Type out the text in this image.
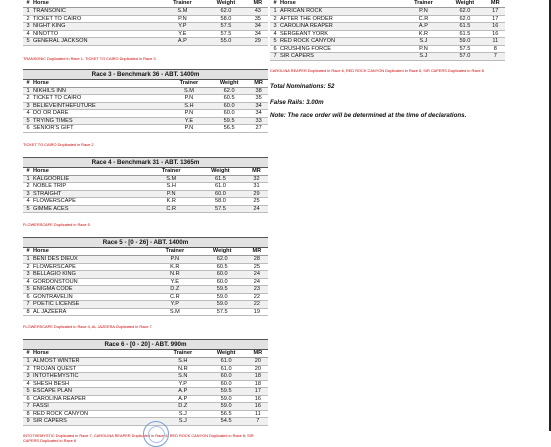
#	Horse	Trainer	Weight	MR
1	TRANSONIC	S.M	62.0	43
2	TICKET TO CAIRO	P.N	58.0	35
3	NIGHT KING	Y.P	57.5	34
4	NINOTTO	Y.E	57.5	34
5	GENERAL JACKSON	A.P	55.0	29
TRANSONIC Duplicated in Race 1, TICKET TO CAIRO Duplicated in Race 3
Race 3 - Benchmark 36 - ABT. 1400m
#	Horse	Trainer	Weight	MR
1	NIKHILS INN	S.M	62.0	38
2	TICKET TO CAIRO	P.N	60.5	35
3	BELIEVEINTHEFUTURE	S.H	60.0	34
4	DO OR DARE	P.N	60.0	34
5	TRYING TIMES	Y.E	59.5	33
6	SENIOR'S GIFT	P.N	56.5	27
TICKET TO CAIRO Duplicated in Race 2
Race 4 - Benchmark 31 - ABT. 1365m
#	Horse	Trainer	Weight	MR
1	KALGOORLIE	S.M	61.5	32
2	NOBLE TRIP	S.H	61.0	31
3	STRAIGHT	P.N	60.0	29
4	FLOWERSCAPE	K.R	58.0	25
5	GIMME ACES	C.R	57.5	24
FLOWERSCAPE Duplicated in Race 5
Race 5 - [0 - 26] - ABT. 1400m
#	Horse	Trainer	Weight	MR
1	BENI DES DIEUX	P.N	62.0	28
2	FLOWERSCAPE	K.R	60.5	25
3	BELLAGIO KING	N.R	60.0	24
4	GORDONSTOUN	Y.E	60.0	24
5	ENIGMA CODE	D.Z	59.5	23
6	GONTRAVELIN	C.R	59.0	22
7	POETIC LICENSE	Y.P	59.0	22
8	AL JAZEERA	S.M	57.5	19
FLOWERSCAPE Duplicated in Race 4, AL JAZEERA Duplicated in Race 7
Race 6 - [0 - 20] - ABT. 990m
#	Horse	Trainer	Weight	MR
1	ALMOST WINTER	S.H	61.0	20
2	TROJAN QUEST	N.R	61.0	20
3	INTOTHEMYSTIC	S.N	60.0	18
4	SHESH BESH	Y.P	60.0	18
5	ESCAPE PLAN	A.P	59.5	17
6	CAROLINA REAPER	A.P	59.0	16
7	FASSI	D.Z	59.0	16
8	RED ROCK CANYON	S.J	56.5	11
9	SIR CAPERS	S.J	54.5	7
INTOTHEMYSTIC Duplicated in Race 7, CAROLINA REAPER Duplicated in Race 8, RED ROCK CANYON Duplicated in Race 8, SIR CAPERS Duplicated in Race 8
#	Horse	Trainer	Weight	MR
1	AFRICAN ROCK	P.N	62.0	17
2	AFTER THE ORDER	C.R	62.0	17
3	CAROLINA REAPER	A.P	61.5	16
4	SERGEANT YORK	K.R	61.5	16
5	RED ROCK CANYON	S.J	59.0	11
6	CRUSHING FORCE	P.N	57.5	8
7	SIR CAPERS	S.J	57.0	7
CAROLINA REAPER Duplicated in Race 6, RED ROCK CANYON Duplicated in Race 6, SIR CAPERS Duplicated in Race 6
Total Nominations: 52
False Rails: 3.00m
Note: The race order will be determined at the time of declarations.
